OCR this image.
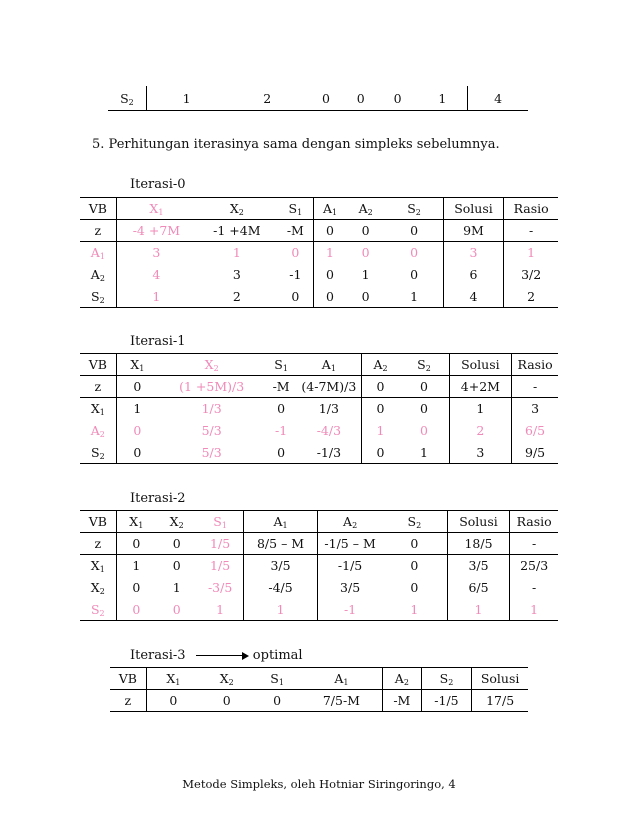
S2	1	2	0	0	0	1	4
5. Perhitungan iterasinya sama dengan simpleks sebelumnya.
Iterasi-0
VB	X1	X2	S1	A1	A2	S2	Solusi	Rasio
z	-4 +7M	-1 +4M	-M	0	0	0	9M	-
A1	3	1	0	1	0	0	3	1
A2	4	3	-1	0	1	0	6	3/2
S2	1	2	0	0	0	1	4	2
Iterasi-1
VB	X1	X2	S1	A1	A2	S2	Solusi	Rasio
z	0	(1 +5M)/3	-M	(4-7M)/3	0	0	4+2M	-
X1	1	1/3	0	1/3	0	0	1	3
A2	0	5/3	-1	-4/3	1	0	2	6/5
S2	0	5/3	0	-1/3	0	1	3	9/5
Iterasi-2
VB	X1	X2	S1	A1	A2	S2	Solusi	Rasio
z	0	0	1/5	8/5 – M	-1/5 – M	0	18/5	-
X1	1	0	1/5	3/5	-1/5	0	3/5	25/3
X2	0	1	-3/5	-4/5	3/5	0	6/5	-
S2	0	0	1	1	-1	1	1	1
Iterasi-3	optimal
VB	X1	X2	S1	A1	A2	S2	Solusi
z	0	0	0	7/5-M	-M	-1/5	17/5
Metode Simpleks, oleh Hotniar Siringoringo, 4
